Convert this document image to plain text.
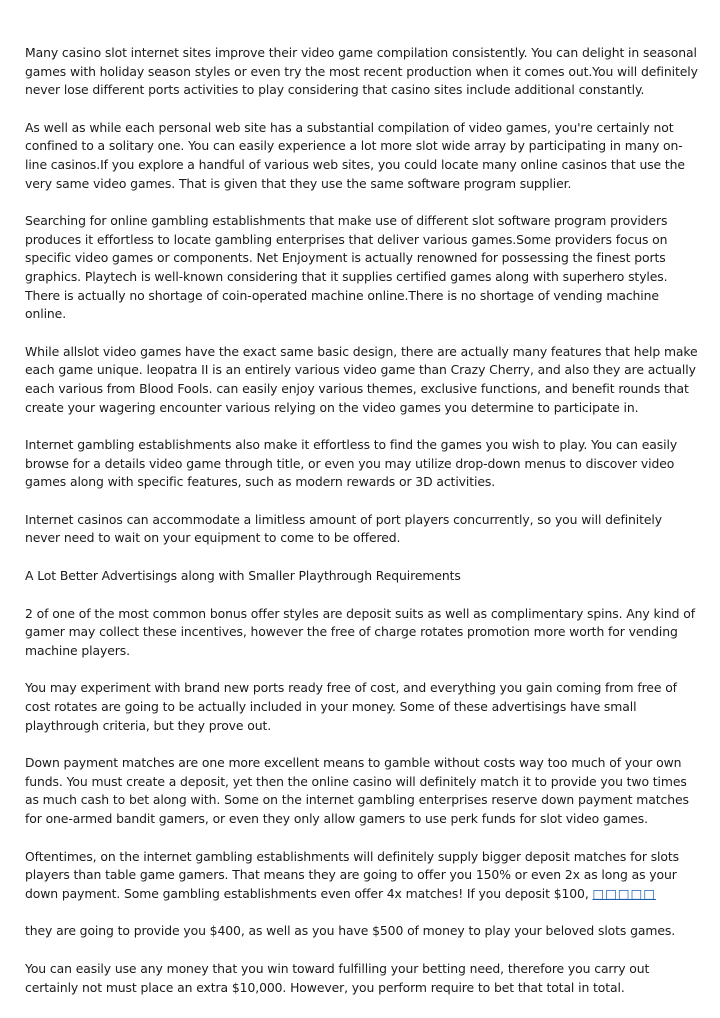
Many casino slot internet sites improve their video game compilation consistently. You can delight in seasonal games with holiday season styles or even try the most recent production when it comes out.You will definitely never lose different ports activities to play considering that casino sites include additional constantly.

As well as while each personal web site has a substantial compilation of video games, you're certainly not confined to a solitary one. You can easily experience a lot more slot wide array by participating in many on-line casinos.If you explore a handful of various web sites, you could locate many online casinos that use the very same video games. That is given that they use the same software program supplier.

Searching for online gambling establishments that make use of different slot software program providers produces it effortless to locate gambling enterprises that deliver various games.Some providers focus on specific video games or components. Net Enjoyment is actually renowned for possessing the finest ports graphics. Playtech is well-known considering that it supplies certified games along with superhero styles. There is actually no shortage of coin-operated machine online.There is no shortage of vending machine online.

While allslot video games have the exact same basic design, there are actually many features that help make each game unique. leopatra II is an entirely various video game than Crazy Cherry, and also they are actually each various from Blood Fools. can easily enjoy various themes, exclusive functions, and benefit rounds that create your wagering encounter various relying on the video games you determine to participate in.

Internet gambling establishments also make it effortless to find the games you wish to play. You can easily browse for a details video game through title, or even you may utilize drop-down menus to discover video games along with specific features, such as modern rewards or 3D activities.

Internet casinos can accommodate a limitless amount of port players concurrently, so you will definitely never need to wait on your equipment to come to be offered.

A Lot Better Advertisings along with Smaller Playthrough Requirements

2 of one of the most common bonus offer styles are deposit suits as well as complimentary spins. Any kind of gamer may collect these incentives, however the free of charge rotates promotion more worth for vending machine players.

You may experiment with brand new ports ready free of cost, and everything you gain coming from free of cost rotates are going to be actually included in your money. Some of these advertisings have small playthrough criteria, but they prove out.

Down payment matches are one more excellent means to gamble without costs way too much of your own funds. You must create a deposit, yet then the online casino will definitely match it to provide you two times as much cash to bet along with. Some on the internet gambling enterprises reserve down payment matches for one-armed bandit gamers, or even they only allow gamers to use perk funds for slot video games.

Oftentimes, on the internet gambling establishments will definitely supply bigger deposit matches for slots players than table game gamers. That means they are going to offer you 150% or even 2x as long as your down payment. Some gambling establishments even offer 4x matches! If you deposit $100, □□□□□

they are going to provide you $400, as well as you have $500 of money to play your beloved slots games.

You can easily use any money that you win toward fulfilling your betting need, therefore you carry out certainly not must place an extra $10,000. However, you perform require to bet that total in total.
